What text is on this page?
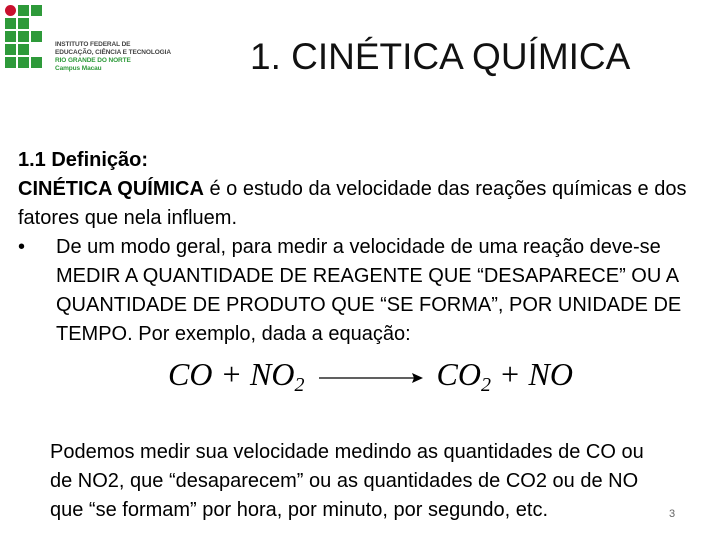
INSTITUTO FEDERAL DE
EDUCAÇÃO, CIÊNCIA E TECNOLOGIA
RIO GRANDE DO NORTE
Campus Macau	1. CINÉTICA QUÍMICA

1.1 Definição:

CINÉTICA QUÍMICA é o estudo da velocidade das reações químicas e dos fatores que nela influem.

• De um modo geral, para medir a velocidade de uma reação deve-se MEDIR A QUANTIDADE DE REAGENTE QUE “DESAPARECE” OU A QUANTIDADE DE PRODUTO QUE “SE FORMA”, POR UNIDADE DE TEMPO. Por exemplo, dada a equação:

CO + $NO_2 \to CO_2$ + NO

Podemos medir sua velocidade medindo as quantidades de CO ou de NO2, que “desaparecem” ou as quantidades de CO2 ou de NO que “se formam” por hora, por minuto, por segundo, etc.	3
